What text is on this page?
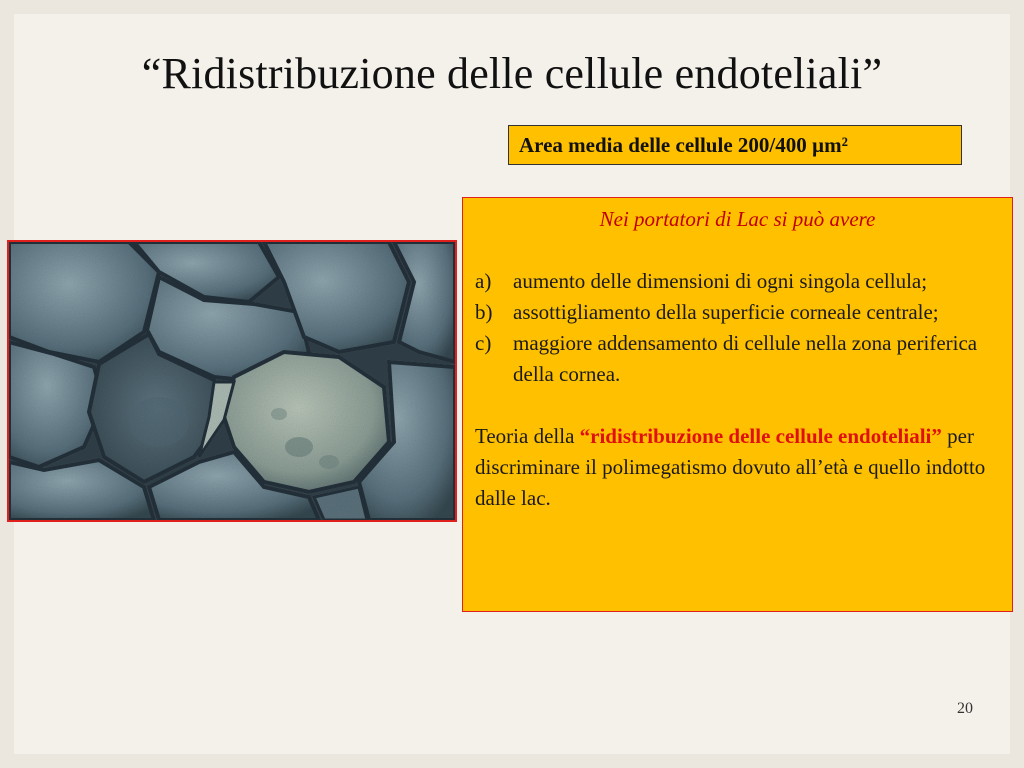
“Ridistribuzione delle cellule endoteliali”
Area media delle cellule 200/400 µm²

Nei portatori di Lac si può avere

a) aumento delle dimensioni di ogni singola cellula;
b) assottigliamento della superficie corneale centrale;
c) maggiore addensamento di cellule nella zona periferica della cornea.

Teoria della “ridistribuzione delle cellule endoteliali” per discriminare il polimegatismo dovuto all’età e quello indotto dalle lac.

20
